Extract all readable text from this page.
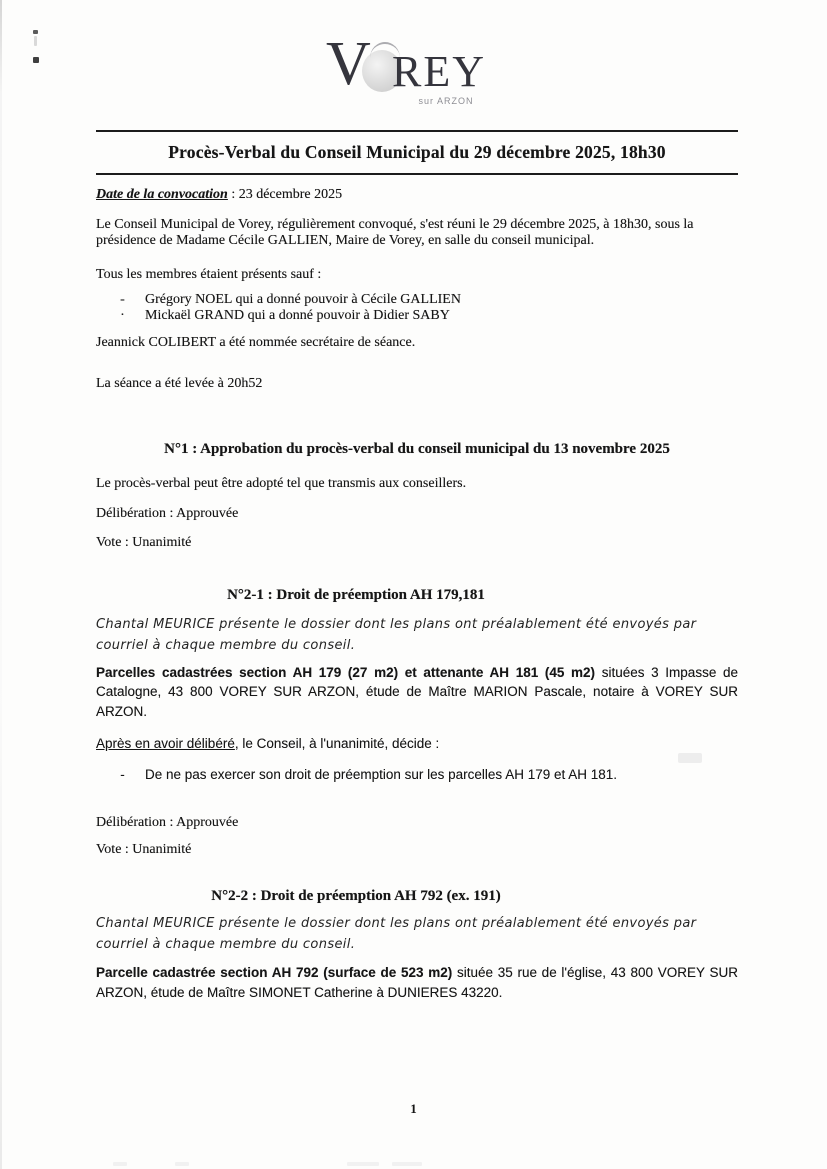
V REY
sur ARZON
Procès-Verbal du Conseil Municipal du 29 décembre 2025, 18h30
Date de la convocation : 23 décembre 2025
Le Conseil Municipal de Vorey, régulièrement convoqué, s'est réuni le 29 décembre 2025, à 18h30, sous la présidence de Madame Cécile GALLIEN, Maire de Vorey, en salle du conseil municipal.
Tous les membres étaient présents sauf :
-	Grégory NOEL qui a donné pouvoir à Cécile GALLIEN
·	Mickaël GRAND qui a donné pouvoir à Didier SABY
Jeannick COLIBERT a été nommée secrétaire de séance.
La séance a été levée à 20h52
N°1 : Approbation du procès-verbal du conseil municipal du 13 novembre 2025
Le procès-verbal peut être adopté tel que transmis aux conseillers.
Délibération : Approuvée
Vote : Unanimité
N°2-1 : Droit de préemption AH 179,181
Chantal MEURICE présente le dossier dont les plans ont préalablement été envoyés par courriel à chaque membre du conseil.
Parcelles cadastrées section AH 179 (27 m2) et attenante AH 181 (45 m2) situées 3 Impasse de Catalogne, 43 800 VOREY SUR ARZON, étude de Maître MARION Pascale, notaire à VOREY SUR ARZON.
Après en avoir délibéré, le Conseil, à l'unanimité, décide :
-	De ne pas exercer son droit de préemption sur les parcelles AH 179 et AH 181.
Délibération : Approuvée
Vote : Unanimité
N°2-2 : Droit de préemption AH 792 (ex. 191)
Chantal MEURICE présente le dossier dont les plans ont préalablement été envoyés par courriel à chaque membre du conseil.
Parcelle cadastrée section AH 792 (surface de 523 m2) située 35 rue de l'église, 43 800 VOREY SUR ARZON, étude de Maître SIMONET Catherine à DUNIERES 43220.
1
